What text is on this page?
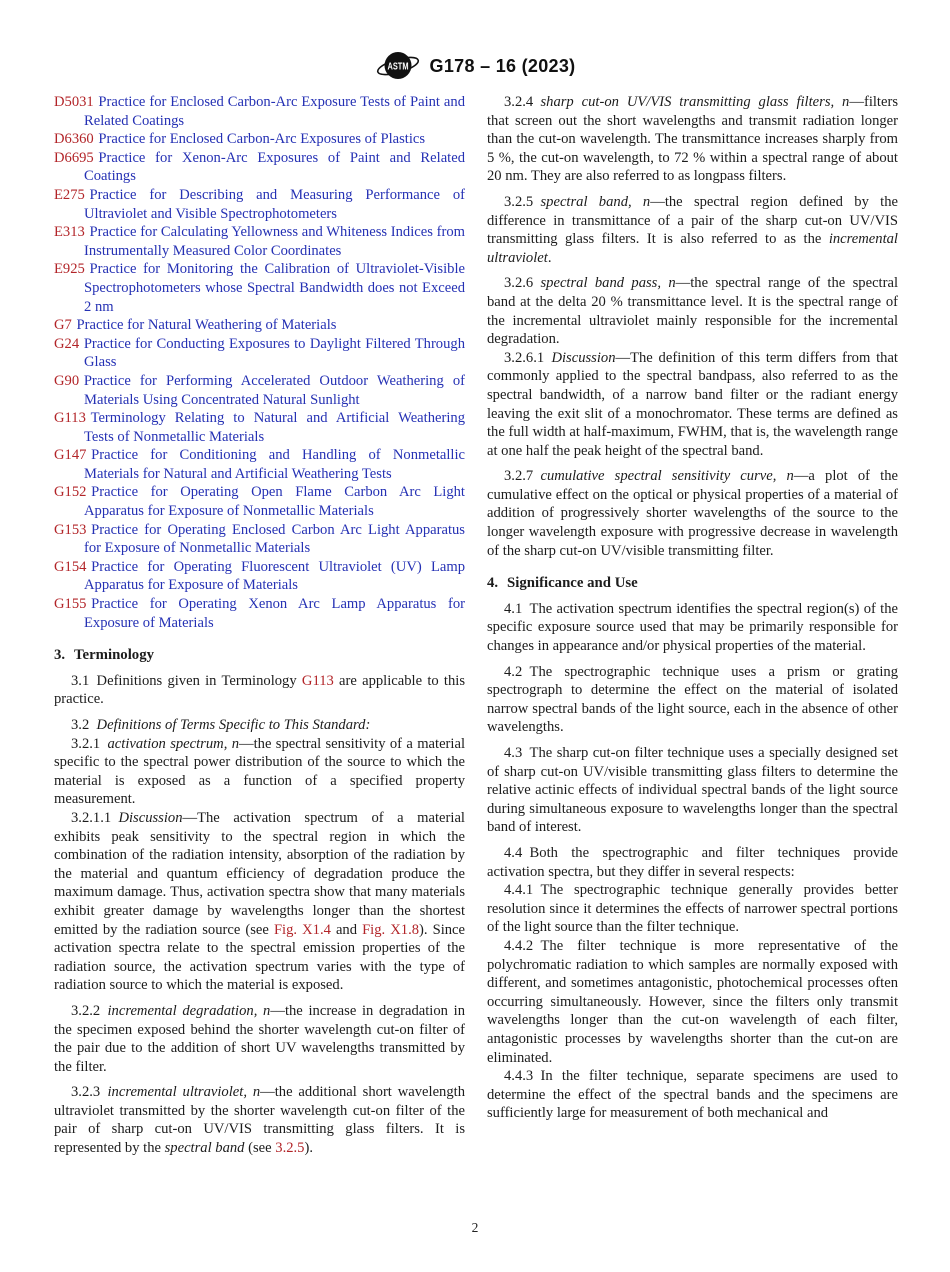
ASTM G178 – 16 (2023)

D5031 Practice for Enclosed Carbon-Arc Exposure Tests of Paint and Related Coatings

D6360 Practice for Enclosed Carbon-Arc Exposures of Plastics

D6695 Practice for Xenon-Arc Exposures of Paint and Related Coatings

E275 Practice for Describing and Measuring Performance of Ultraviolet and Visible Spectrophotometers

E313 Practice for Calculating Yellowness and Whiteness Indices from Instrumentally Measured Color Coordinates

E925 Practice for Monitoring the Calibration of Ultraviolet-Visible Spectrophotometers whose Spectral Bandwidth does not Exceed 2 nm

G7 Practice for Natural Weathering of Materials

G24 Practice for Conducting Exposures to Daylight Filtered Through Glass

G90 Practice for Performing Accelerated Outdoor Weathering of Materials Using Concentrated Natural Sunlight

G113 Terminology Relating to Natural and Artificial Weathering Tests of Nonmetallic Materials

G147 Practice for Conditioning and Handling of Nonmetallic Materials for Natural and Artificial Weathering Tests

G152 Practice for Operating Open Flame Carbon Arc Light Apparatus for Exposure of Nonmetallic Materials

G153 Practice for Operating Enclosed Carbon Arc Light Apparatus for Exposure of Nonmetallic Materials

G154 Practice for Operating Fluorescent Ultraviolet (UV) Lamp Apparatus for Exposure of Materials

G155 Practice for Operating Xenon Arc Lamp Apparatus for Exposure of Materials

3. Terminology

3.1 Definitions given in Terminology G113 are applicable to this practice.

3.2 Definitions of Terms Specific to This Standard:

3.2.1 activation spectrum, n—the spectral sensitivity of a material specific to the spectral power distribution of the source to which the material is exposed as a function of a specified property measurement.

3.2.1.1 Discussion—The activation spectrum of a material exhibits peak sensitivity to the spectral region in which the combination of the radiation intensity, absorption of the radiation by the material and quantum efficiency of degradation produce the maximum damage. Thus, activation spectra show that many materials exhibit greater damage by wavelengths longer than the shortest emitted by the radiation source (see Fig. X1.4 and Fig. X1.8). Since activation spectra relate to the spectral emission properties of the radiation source, the activation spectrum varies with the type of radiation source to which the material is exposed.

3.2.2 incremental degradation, n—the increase in degradation in the specimen exposed behind the shorter wavelength cut-on filter of the pair due to the addition of short UV wavelengths transmitted by the filter.

3.2.3 incremental ultraviolet, n—the additional short wavelength ultraviolet transmitted by the shorter wavelength cut-on filter of the pair of sharp cut-on UV/VIS transmitting glass filters. It is represented by the spectral band (see 3.2.5).

3.2.4 sharp cut-on UV/VIS transmitting glass filters, n—filters that screen out the short wavelengths and transmit radiation longer than the cut-on wavelength. The transmittance increases sharply from 5 %, the cut-on wavelength, to 72 % within a spectral range of about 20 nm. They are also referred to as longpass filters.

3.2.5 spectral band, n—the spectral region defined by the difference in transmittance of a pair of the sharp cut-on UV/VIS transmitting glass filters. It is also referred to as the incremental ultraviolet.

3.2.6 spectral band pass, n—the spectral range of the spectral band at the delta 20 % transmittance level. It is the spectral range of the incremental ultraviolet mainly responsible for the incremental degradation.

3.2.6.1 Discussion—The definition of this term differs from that commonly applied to the spectral bandpass, also referred to as the spectral bandwidth, of a narrow band filter or the radiant energy leaving the exit slit of a monochromator. These terms are defined as the full width at half-maximum, FWHM, that is, the wavelength range at one half the peak height of the spectral band.

3.2.7 cumulative spectral sensitivity curve, n—a plot of the cumulative effect on the optical or physical properties of a material of addition of progressively shorter wavelengths of the source to the longer wavelength exposure with progressive decrease in wavelength of the sharp cut-on UV/visible transmitting filter.

4. Significance and Use

4.1 The activation spectrum identifies the spectral region(s) of the specific exposure source used that may be primarily responsible for changes in appearance and/or physical properties of the material.

4.2 The spectrographic technique uses a prism or grating spectrograph to determine the effect on the material of isolated narrow spectral bands of the light source, each in the absence of other wavelengths.

4.3 The sharp cut-on filter technique uses a specially designed set of sharp cut-on UV/visible transmitting glass filters to determine the relative actinic effects of individual spectral bands of the light source during simultaneous exposure to wavelengths longer than the spectral band of interest.

4.4 Both the spectrographic and filter techniques provide activation spectra, but they differ in several respects:

4.4.1 The spectrographic technique generally provides better resolution since it determines the effects of narrower spectral portions of the light source than the filter technique.

4.4.2 The filter technique is more representative of the polychromatic radiation to which samples are normally exposed with different, and sometimes antagonistic, photochemical processes often occurring simultaneously. However, since the filters only transmit wavelengths longer than the cut-on wavelength of each filter, antagonistic processes by wavelengths shorter than the cut-on are eliminated.

4.4.3 In the filter technique, separate specimens are used to determine the effect of the spectral bands and the specimens are sufficiently large for measurement of both mechanical and

2
